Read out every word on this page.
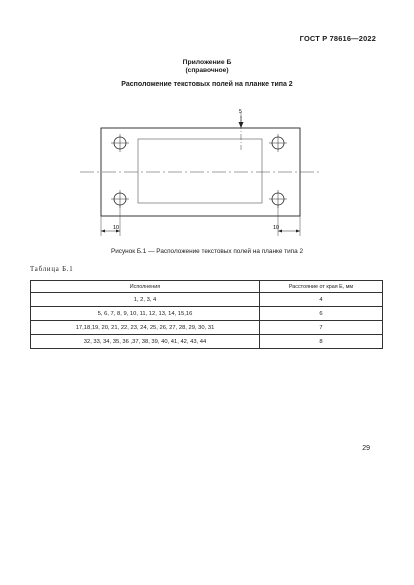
ГОСТ Р 78616—2022
Приложение Б
(справочное)
Расположение текстовых полей на планке типа 2
5
10	10
Рисунок Б.1 — Расположение текстовых полей на планке типа 2
Таблица Б.1
Исполнения	Расстояние от края Е, мм
1, 2, 3, 4	4
5, 6, 7, 8, 9, 10, 11, 12, 13, 14, 15,16	6
17,18,19, 20, 21, 22, 23, 24, 25, 26, 27, 28, 29, 30, 31	7
32, 33, 34, 35, 36 ,37, 38, 39, 40, 41, 42, 43, 44	8
29
